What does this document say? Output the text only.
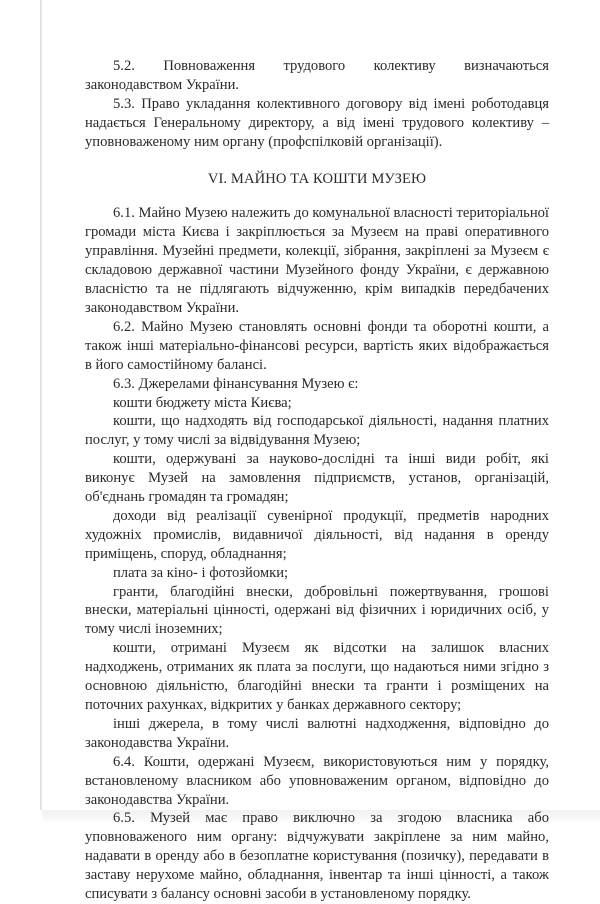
5.2. Повноваження трудового колективу визначаються законодавством України.

5.3. Право укладання колективного договору від імені роботодавця надається Генеральному директору, а від імені трудового колективу – уповноваженому ним органу (профспілковій організації).

VI. МАЙНО ТА КОШТИ МУЗЕЮ

6.1. Майно Музею належить до комунальної власності територіальної громади міста Києва і закріплюється за Музеєм на праві оперативного управління. Музейні предмети, колекції, зібрання, закріплені за Музеєм є складовою державної частини Музейного фонду України, є державною власністю та не підлягають відчуженню, крім випадків передбачених законодавством України.

6.2. Майно Музею становлять основні фонди та оборотні кошти, а також інші матеріально-фінансові ресурси, вартість яких відображається в його самостійному балансі.

6.3. Джерелами фінансування Музею є:

кошти бюджету міста Києва;

кошти, що надходять від господарської діяльності, надання платних послуг, у тому числі за відвідування Музею;

кошти, одержувані за науково-дослідні та інші види робіт, які виконує Музей на замовлення підприємств, установ, організацій, об'єднань громадян та громадян;

доходи від реалізації сувенірної продукції, предметів народних художніх промислів, видавничої діяльності, від надання в оренду приміщень, споруд, обладнання;

плата за кіно- і фотозйомки;

гранти, благодійні внески, добровільні пожертвування, грошові внески, матеріальні цінності, одержані від фізичних і юридичних осіб, у тому числі іноземних;

кошти, отримані Музеєм як відсотки на залишок власних надходжень, отриманих як плата за послуги, що надаються ними згідно з основною діяльністю, благодійні внески та гранти і розміщених на поточних рахунках, відкритих у банках державного сектору;

інші джерела, в тому числі валютні надходження, відповідно до законодавства України.

6.4. Кошти, одержані Музеєм, використовуються ним у порядку, встановленому власником або уповноваженим органом, відповідно до законодавства України.

6.5. Музей має право виключно за згодою власника або уповноваженого ним органу: відчужувати закріплене за ним майно, надавати в оренду або в безоплатне користування (позичку), передавати в заставу нерухоме майно, обладнання, інвентар та інші цінності, а також списувати з балансу основні засоби в установленому порядку.
